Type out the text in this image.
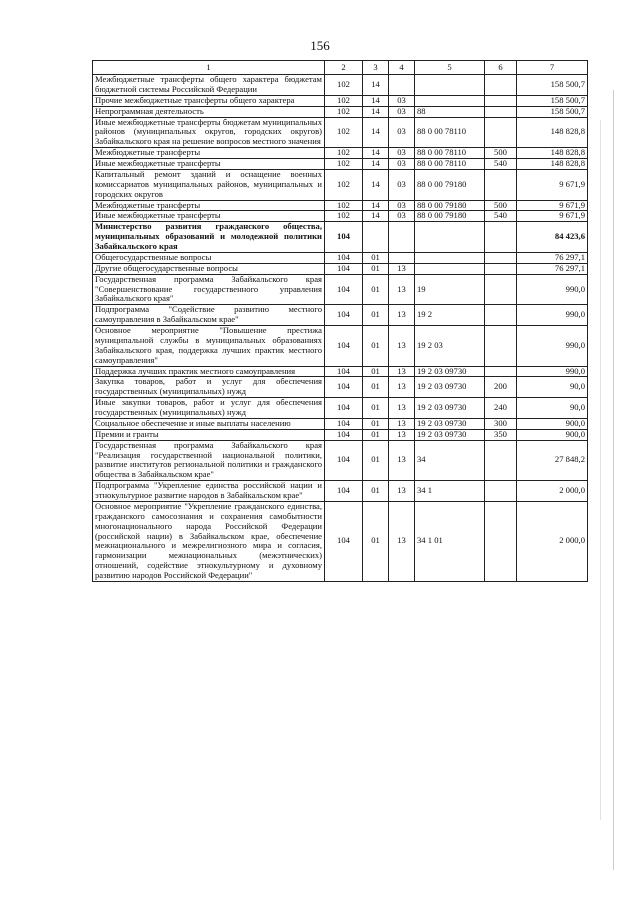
156
1	2	3	4	5	6	7
Межбюджетные трансферты общего характера бюджетам бюджетной системы Российской Федерации	102	14				158 500,7
Прочие межбюджетные трансферты общего характера	102	14	03			158 500,7
Непрограммная деятельность	102	14	03	88		158 500,7
Иные межбюджетные трансферты бюджетам муниципальных районов (муниципальных округов, городских округов) Забайкальского края на решение вопросов местного значения	102	14	03	88 0 00 78110		148 828,8
Межбюджетные трансферты	102	14	03	88 0 00 78110	500	148 828,8
Иные межбюджетные трансферты	102	14	03	88 0 00 78110	540	148 828,8
Капитальный ремонт зданий и оснащение военных комиссариатов муниципальных районов, муниципальных и городских округов	102	14	03	88 0 00 79180		9 671,9
Межбюджетные трансферты	102	14	03	88 0 00 79180	500	9 671,9
Иные межбюджетные трансферты	102	14	03	88 0 00 79180	540	9 671,9
Министерство развития гражданского общества, муниципальных образований и молодежной политики Забайкальского края	104					84 423,6
Общегосударственные вопросы	104	01				76 297,1
Другие общегосударственные вопросы	104	01	13			76 297,1
Государственная программа Забайкальского края "Совершенствование государственного управления Забайкальского края"	104	01	13	19		990,0
Подпрограмма "Содействие развитию местного самоуправления в Забайкальском крае"	104	01	13	19 2		990,0
Основное мероприятие "Повышение престижа муниципальной службы в муниципальных образованиях Забайкальского края, поддержка лучших практик местного самоуправления"	104	01	13	19 2 03		990,0
Поддержка лучших практик местного самоуправления	104	01	13	19 2 03 09730		990,0
Закупка товаров, работ и услуг для обеспечения государственных (муниципальных) нужд	104	01	13	19 2 03 09730	200	90,0
Иные закупки товаров, работ и услуг для обеспечения государственных (муниципальных) нужд	104	01	13	19 2 03 09730	240	90,0
Социальное обеспечение и иные выплаты населению	104	01	13	19 2 03 09730	300	900,0
Премии и гранты	104	01	13	19 2 03 09730	350	900,0
Государственная программа Забайкальского края "Реализация государственной национальной политики, развитие институтов региональной политики и гражданского общества в Забайкальском крае"	104	01	13	34		27 848,2
Подпрограмма "Укрепление единства российской нации и этнокультурное развитие народов в Забайкальском крае"	104	01	13	34 1		2 000,0
Основное мероприятие "Укрепление гражданского единства, гражданского самосознания и сохранения самобытности многонационального народа Российской Федерации (российской нации) в Забайкальском крае, обеспечение межнационального и межрелигиозного мира и согласия, гармонизации межнациональных (межэтнических) отношений, содействие этнокультурному и духовному развитию народов Российской Федерации"	104	01	13	34 1 01		2 000,0
